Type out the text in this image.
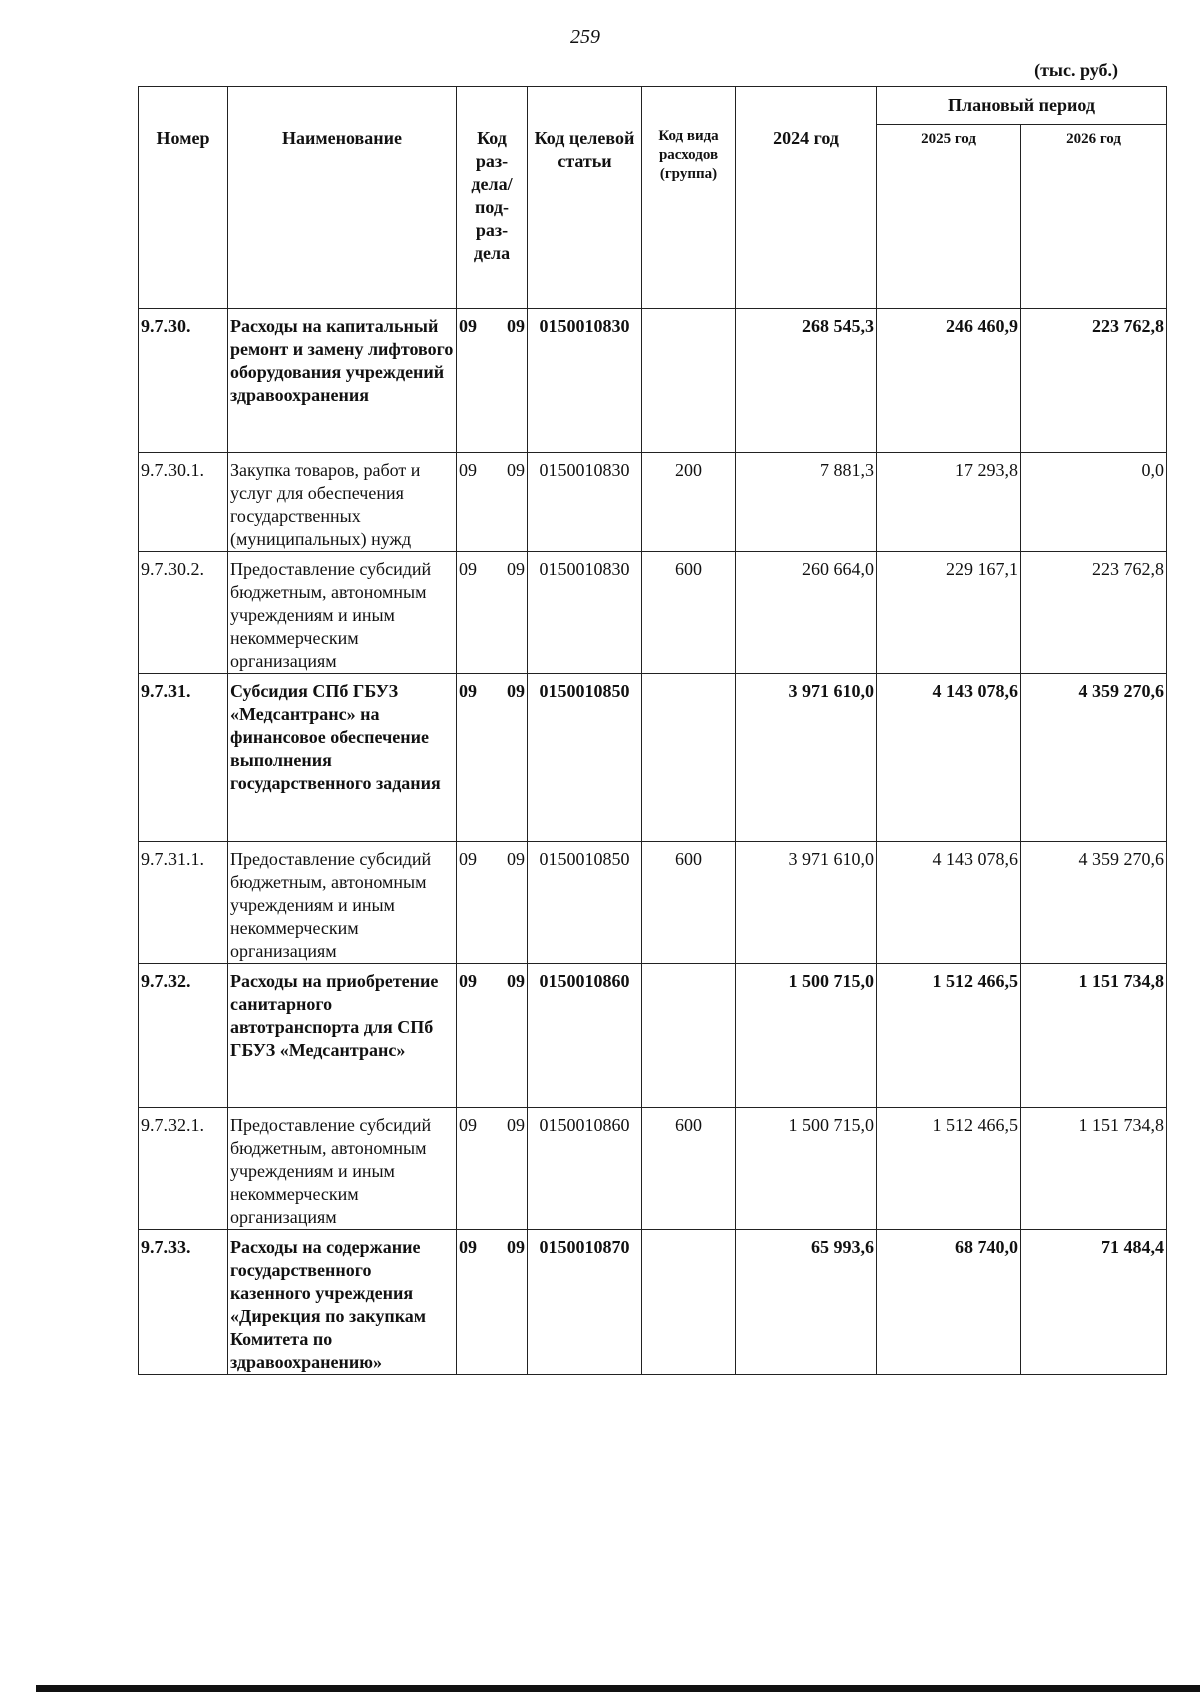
259
(тыс. руб.)
Номер	Наименование	Код раз-дела/ под-раз-дела	Код целевой статьи	Код вида расходов (группа)	2024 год	Плановый период	
						2025 год	2026 год
9.7.30.	Расходы на капитальный ремонт и замену лифтового оборудования учреждений здравоохранения	09 09	0150010830		268 545,3	246 460,9	223 762,8
9.7.30.1.	Закупка товаров, работ и услуг для обеспечения государственных (муниципальных) нужд	09 09	0150010830	200	7 881,3	17 293,8	0,0
9.7.30.2.	Предоставление субсидий бюджетным, автономным учреждениям и иным некоммерческим организациям	09 09	0150010830	600	260 664,0	229 167,1	223 762,8
9.7.31.	Субсидия СПб ГБУЗ «Медсантранс» на финансовое обеспечение выполнения государственного задания	09 09	0150010850		3 971 610,0	4 143 078,6	4 359 270,6
9.7.31.1.	Предоставление субсидий бюджетным, автономным учреждениям и иным некоммерческим организациям	09 09	0150010850	600	3 971 610,0	4 143 078,6	4 359 270,6
9.7.32.	Расходы на приобретение санитарного автотранспорта для СПб ГБУЗ «Медсантранс»	09 09	0150010860		1 500 715,0	1 512 466,5	1 151 734,8
9.7.32.1.	Предоставление субсидий бюджетным, автономным учреждениям и иным некоммерческим организациям	09 09	0150010860	600	1 500 715,0	1 512 466,5	1 151 734,8
9.7.33.	Расходы на содержание государственного казенного учреждения «Дирекция по закупкам Комитета по здравоохранению»	09 09	0150010870		65 993,6	68 740,0	71 484,4
